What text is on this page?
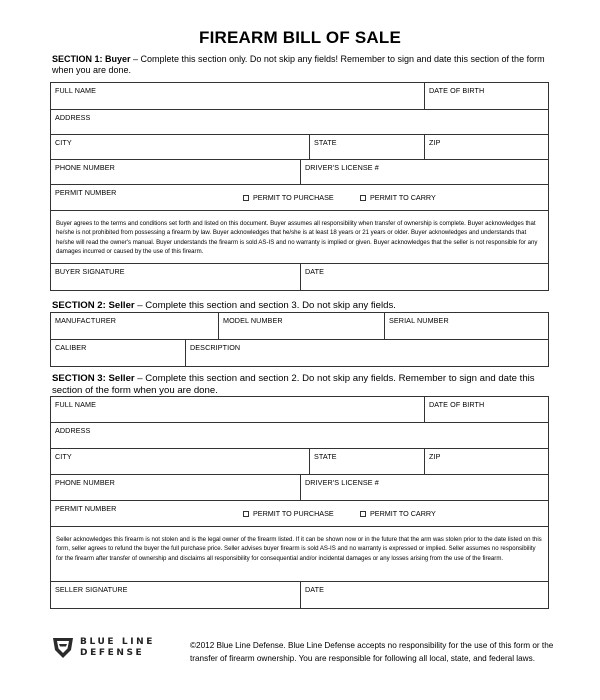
FIREARM BILL OF SALE
SECTION 1: Buyer – Complete this section only. Do not skip any fields! Remember to sign and date this section of the form when you are done.
FULL NAME	DATE OF BIRTH
ADDRESS
CITY	STATE	ZIP
PHONE NUMBER	DRIVER'S LICENSE #
PERMIT NUMBER
PERMIT TO PURCHASE	PERMIT TO CARRY
Buyer agrees to the terms and conditions set forth and listed on this document. Buyer assumes all responsibility when transfer of ownership is complete. Buyer acknowledges that he/she is not prohibited from possessing a firearm by law. Buyer acknowledges that he/she is at least 18 years or 21 years or older. Buyer acknowledges and understands that he/she will read the owner's manual. Buyer understands the firearm is sold AS-IS and no warranty is implied or given. Buyer acknowledges that the seller is not responsible for any damages incurred or caused by the use of this firearm.
BUYER SIGNATURE	DATE
SECTION 2: Seller – Complete this section and section 3. Do not skip any fields.
MANUFACTURER	MODEL NUMBER	SERIAL NUMBER
CALIBER	DESCRIPTION
SECTION 3: Seller – Complete this section and section 2. Do not skip any fields. Remember to sign and date this section of the form when you are done.
FULL NAME	DATE OF BIRTH
ADDRESS
CITY	STATE	ZIP
PHONE NUMBER	DRIVER'S LICENSE #
PERMIT NUMBER
PERMIT TO PURCHASE	PERMIT TO CARRY
Seller acknowledges this firearm is not stolen and is the legal owner of the firearm listed. If it can be shown now or in the future that the arm was stolen prior to the date listed on this form, seller agrees to refund the buyer the full purchase price. Seller advises buyer firearm is sold AS-IS and no warranty is expressed or implied. Seller assumes no responsibility for the firearm after transfer of ownership and disclaims all responsibility for consequential and/or incidental damages or any losses arising from the use of the firearm.
SELLER SIGNATURE	DATE
BLUE LINE
DEFENSE
©2012 Blue Line Defense. Blue Line Defense accepts no responsibility for the use of this form or the transfer of firearm ownership. You are responsible for following all local, state, and federal laws.
